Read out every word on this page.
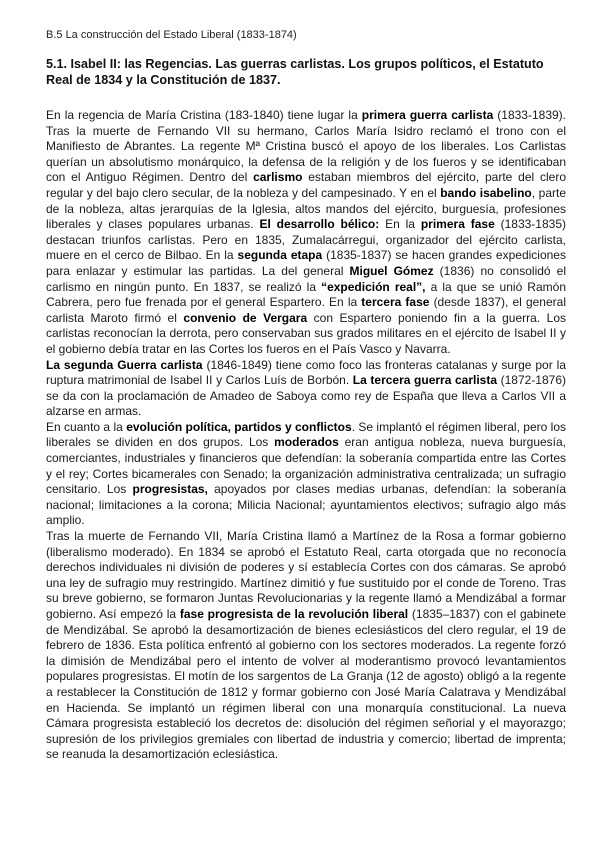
B.5 La construcción del Estado Liberal (1833-1874)
5.1. Isabel II: las Regencias. Las guerras carlistas. Los grupos políticos, el Estatuto Real de 1834 y la Constitución de 1837.

En la regencia de María Cristina (183-1840) tiene lugar la primera guerra carlista (1833-1839). Tras la muerte de Fernando VII su hermano, Carlos María Isidro reclamó el trono con el Manifiesto de Abrantes. La regente Mª Cristina buscó el apoyo de los liberales. Los Carlistas querían un absolutismo monárquico, la defensa de la religión y de los fueros y se identificaban con el Antiguo Régimen. Dentro del carlismo estaban miembros del ejército, parte del clero regular y del bajo clero secular, de la nobleza y del campesinado. Y en el bando isabelino, parte de la nobleza, altas jerarquías de la Iglesia, altos mandos del ejército, burguesía, profesiones liberales y clases populares urbanas. El desarrollo bélico: En la primera fase (1833-1835) destacan triunfos carlistas. Pero en 1835, Zumalacárregui, organizador del ejército carlista, muere en el cerco de Bilbao. En la segunda etapa (1835-1837) se hacen grandes expediciones para enlazar y estimular las partidas. La del general Miguel Gómez (1836) no consolidó el carlismo en ningún punto. En 1837, se realizó la “expedición real”, a la que se unió Ramón Cabrera, pero fue frenada por el general Espartero. En la tercera fase (desde 1837), el general carlista Maroto firmó el convenio de Vergara con Espartero poniendo fin a la guerra. Los carlistas reconocían la derrota, pero conservaban sus grados militares en el ejército de Isabel II y el gobierno debía tratar en las Cortes los fueros en el País Vasco y Navarra.

La segunda Guerra carlista (1846-1849) tiene como foco las fronteras catalanas y surge por la ruptura matrimonial de Isabel II y Carlos Luís de Borbón. La tercera guerra carlista (1872-1876) se da con la proclamación de Amadeo de Saboya como rey de España que lleva a Carlos VII a alzarse en armas.

En cuanto a la evolución política, partidos y conflictos. Se implantó el régimen liberal, pero los liberales se dividen en dos grupos. Los moderados eran antigua nobleza, nueva burguesía, comerciantes, industriales y financieros que defendían: la soberanía compartida entre las Cortes y el rey; Cortes bicamerales con Senado; la organización administrativa centralizada; un sufragio censitario. Los progresistas, apoyados por clases medias urbanas, defendían: la soberanía nacional; limitaciones a la corona; Milicia Nacional; ayuntamientos electivos; sufragio algo más amplio.

Tras la muerte de Fernando VII, María Cristina llamó a Martínez de la Rosa a formar gobierno (liberalismo moderado). En 1834 se aprobó el Estatuto Real, carta otorgada que no reconocía derechos individuales ni división de poderes y sí establecía Cortes con dos cámaras. Se aprobó una ley de sufragio muy restringido. Martínez dimitió y fue sustituido por el conde de Toreno. Tras su breve gobierno, se formaron Juntas Revolucionarias y la regente llamó a Mendizábal a formar gobierno. Así empezó la fase progresista de la revolución liberal (1835–1837) con el gabinete de Mendizábal. Se aprobó la desamortización de bienes eclesiásticos del clero regular, el 19 de febrero de 1836. Esta política enfrentó al gobierno con los sectores moderados. La regente forzó la dimisión de Mendizábal pero el intento de volver al moderantismo provocó levantamientos populares progresistas. El motín de los sargentos de La Granja (12 de agosto) obligó a la regente a restablecer la Constitución de 1812 y formar gobierno con José María Calatrava y Mendizábal en Hacienda. Se implantó un régimen liberal con una monarquía constitucional. La nueva Cámara progresista estableció los decretos de: disolución del régimen señorial y el mayorazgo; supresión de los privilegios gremiales con libertad de industria y comercio; libertad de imprenta; se reanuda la desamortización eclesiástica.
